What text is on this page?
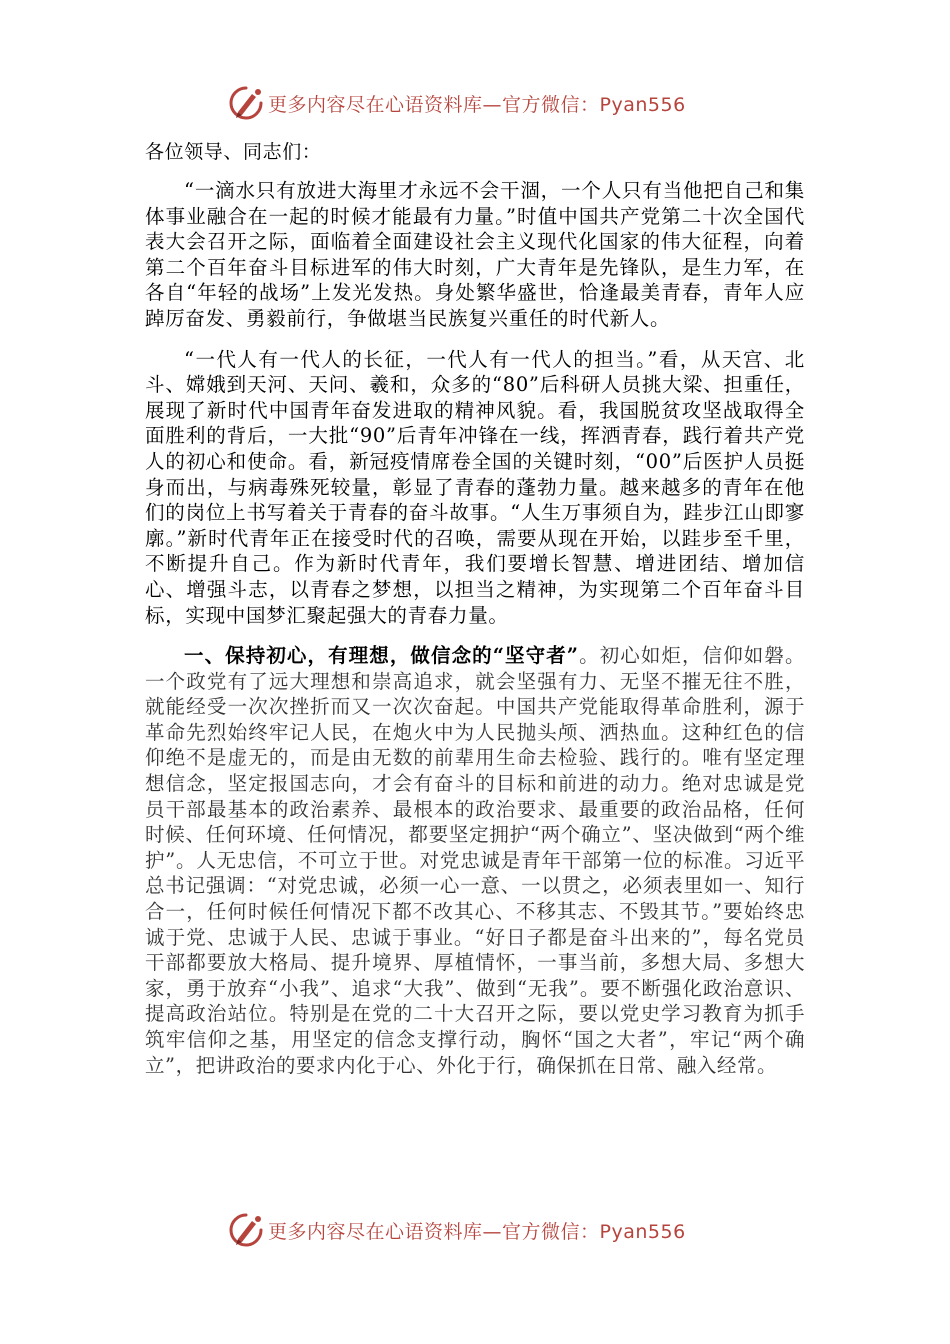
更多内容尽在心语资料库—官方微信：Pyan556
各位领导、同志们：

“一滴水只有放进大海里才永远不会干涸，一个人只有当他把自己和集体事业融合在一起的时候才能最有力量。”时值中国共产党第二十次全国代表大会召开之际，面临着全面建设社会主义现代化国家的伟大征程，向着第二个百年奋斗目标进军的伟大时刻，广大青年是先锋队，是生力军，在各自“年轻的战场”上发光发热。身处繁华盛世，恰逢最美青春，青年人应踔厉奋发、勇毅前行，争做堪当民族复兴重任的时代新人。

“一代人有一代人的长征，一代人有一代人的担当。”看，从天宫、北斗、嫦娥到天河、天问、羲和，众多的“80”后科研人员挑大梁、担重任，展现了新时代中国青年奋发进取的精神风貌。看，我国脱贫攻坚战取得全面胜利的背后，一大批“90”后青年冲锋在一线，挥洒青春，践行着共产党人的初心和使命。看，新冠疫情席卷全国的关键时刻，“00”后医护人员挺身而出，与病毒殊死较量，彰显了青春的蓬勃力量。越来越多的青年在他们的岗位上书写着关于青春的奋斗故事。“人生万事须自为，跬步江山即寥廓。”新时代青年正在接受时代的召唤，需要从现在开始，以跬步至千里，不断提升自己。作为新时代青年，我们要增长智慧、增进团结、增加信心、增强斗志，以青春之梦想，以担当之精神，为实现第二个百年奋斗目标，实现中国梦汇聚起强大的青春力量。

一、保持初心，有理想，做信念的“坚守者”。初心如炬，信仰如磐。一个政党有了远大理想和崇高追求，就会坚强有力、无坚不摧无往不胜，就能经受一次次挫折而又一次次奋起。中国共产党能取得革命胜利，源于革命先烈始终牢记人民，在炮火中为人民抛头颅、洒热血。这种红色的信仰绝不是虚无的，而是由无数的前辈用生命去检验、践行的。唯有坚定理想信念，坚定报国志向，才会有奋斗的目标和前进的动力。绝对忠诚是党员干部最基本的政治素养、最根本的政治要求、最重要的政治品格，任何时候、任何环境、任何情况，都要坚定拥护“两个确立”、坚决做到“两个维护”。人无忠信，不可立于世。对党忠诚是青年干部第一位的标准。习近平总书记强调：“对党忠诚，必须一心一意、一以贯之，必须表里如一、知行合一，任何时候任何情况下都不改其心、不移其志、不毁其节。”要始终忠诚于党、忠诚于人民、忠诚于事业。“好日子都是奋斗出来的”，每名党员干部都要放大格局、提升境界、厚植情怀，一事当前，多想大局、多想大家，勇于放弃“小我”、追求“大我”、做到“无我”。要不断强化政治意识、提高政治站位。特别是在党的二十大召开之际，要以党史学习教育为抓手筑牢信仰之基，用坚定的信念支撑行动，胸怀“国之大者”，牢记“两个确立”，把讲政治的要求内化于心、外化于行，确保抓在日常、融入经常。

更多内容尽在心语资料库—官方微信：Pyan556
